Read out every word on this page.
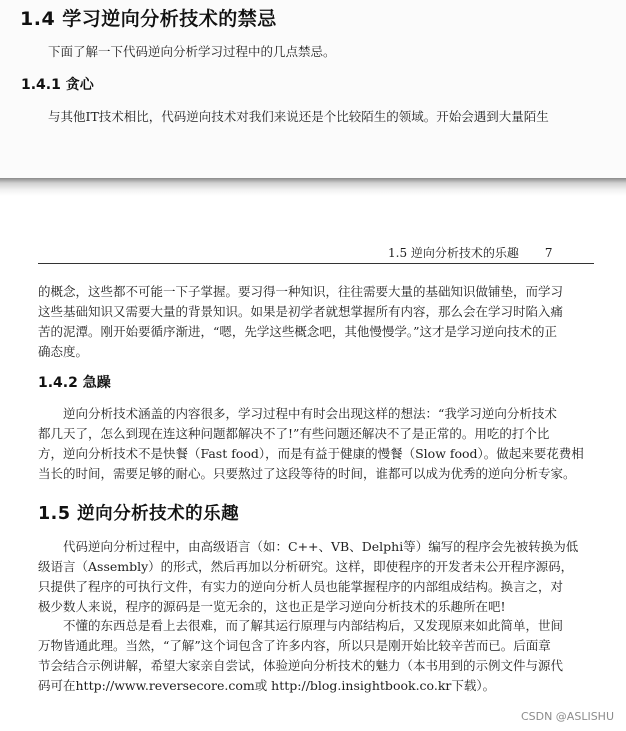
1.4 学习逆向分析技术的禁忌
下面了解一下代码逆向分析学习过程中的几点禁忌。
1.4.1 贪心
与其他IT技术相比，代码逆向技术对我们来说还是个比较陌生的领域。开始会遇到大量陌生
1.5 逆向分析技术的乐趣 7
的概念，这些都不可能一下子掌握。要习得一种知识，往往需要大量的基础知识做铺垫，而学习
这些基础知识又需要大量的背景知识。如果是初学者就想掌握所有内容，那么会在学习时陷入痛
苦的泥潭。刚开始要循序渐进，“嗯，先学这些概念吧，其他慢慢学。”这才是学习逆向技术的正
确态度。
1.4.2 急躁
逆向分析技术涵盖的内容很多，学习过程中有时会出现这样的想法：“我学习逆向分析技术
都几天了，怎么到现在连这种问题都解决不了!”有些问题还解决不了是正常的。用吃的打个比
方，逆向分析技术不是快餐（Fast food），而是有益于健康的慢餐（Slow food）。做起来要花费相
当长的时间，需要足够的耐心。只要熬过了这段等待的时间，谁都可以成为优秀的逆向分析专家。
1.5 逆向分析技术的乐趣
代码逆向分析过程中，由高级语言（如：C++、VB、Delphi等）编写的程序会先被转换为低
级语言（Assembly）的形式，然后再加以分析研究。这样，即使程序的开发者未公开程序源码，
只提供了程序的可执行文件，有实力的逆向分析人员也能掌握程序的内部组成结构。换言之，对
极少数人来说，程序的源码是一览无余的，这也正是学习逆向分析技术的乐趣所在吧!
不懂的东西总是看上去很难，而了解其运行原理与内部结构后，又发现原来如此简单，世间
万物皆通此理。当然，“了解”这个词包含了许多内容，所以只是刚开始比较辛苦而已。后面章
节会结合示例讲解，希望大家亲自尝试，体验逆向分析技术的魅力（本书用到的示例文件与源代
码可在http://www.reversecore.com或 http://blog.insightbook.co.kr下载）。
CSDN @ASLISHU
